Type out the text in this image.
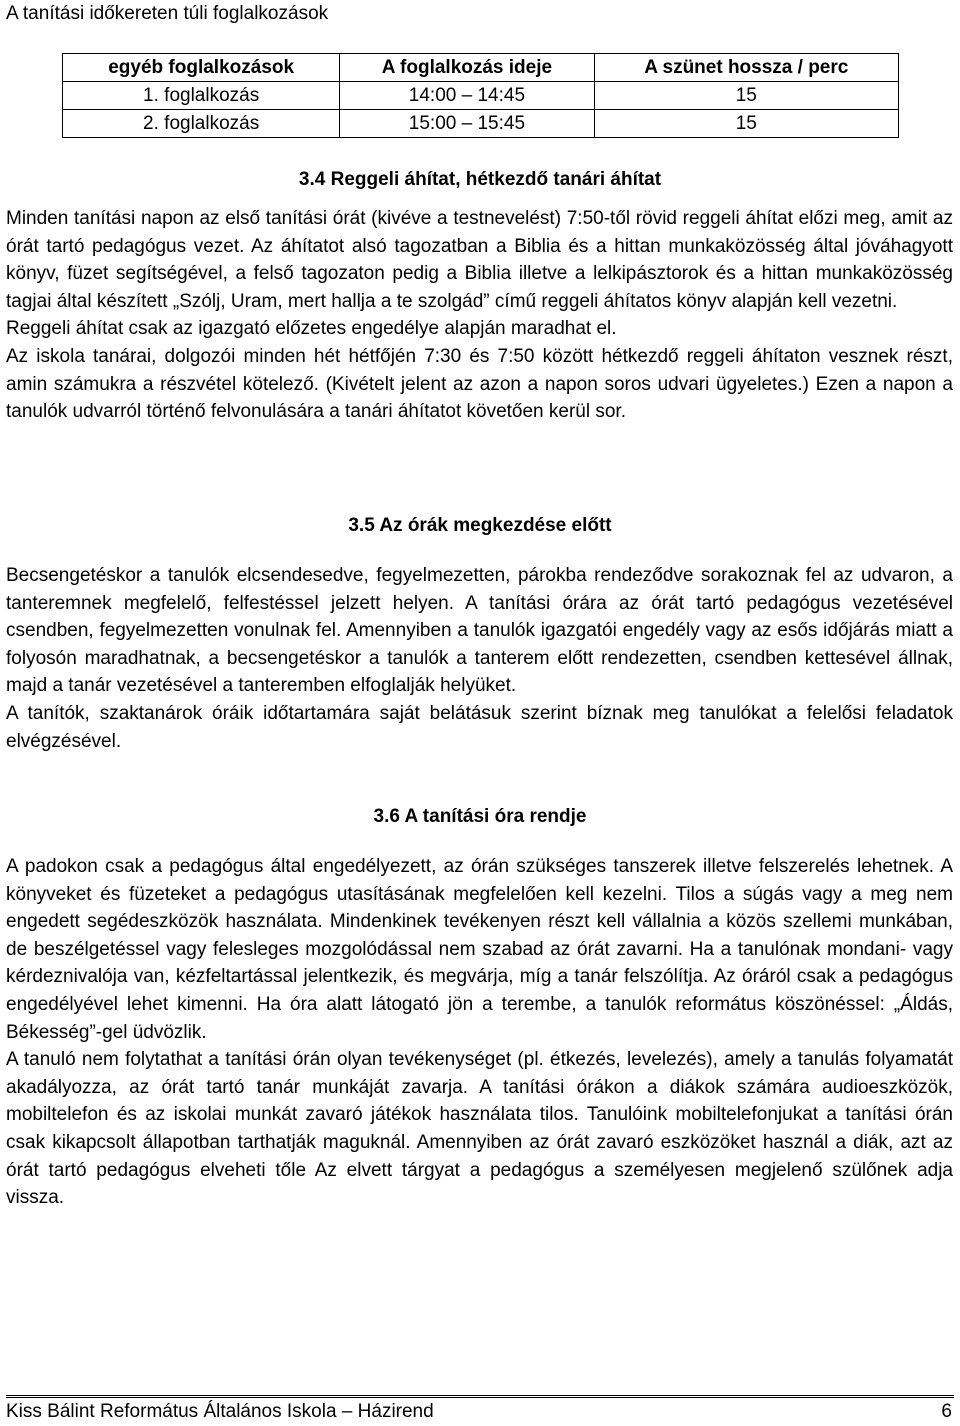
A tanítási időkereten túli foglalkozások
egyéb foglalkozások	A foglalkozás ideje	A szünet hossza / perc
1. foglalkozás	14:00 – 14:45	15
2. foglalkozás	15:00 – 15:45	15
3.4 Reggeli áhítat, hétkezdő tanári áhítat

Minden tanítási napon az első tanítási órát (kivéve a testnevelést) 7:50-től rövid reggeli áhítat előzi meg, amit az órát tartó pedagógus vezet. Az áhítatot alsó tagozatban a Biblia és a hittan munkaközösség által jóváhagyott könyv, füzet segítségével, a felső tagozaton pedig a Biblia illetve a lelkipásztorok és a hittan munkaközösség tagjai által készített „Szólj, Uram, mert hallja a te szolgád” című reggeli áhítatos könyv alapján kell vezetni.

Reggeli áhítat csak az igazgató előzetes engedélye alapján maradhat el.

Az iskola tanárai, dolgozói minden hét hétfőjén 7:30 és 7:50 között hétkezdő reggeli áhítaton vesznek részt, amin számukra a részvétel kötelező. (Kivételt jelent az azon a napon soros udvari ügyeletes.) Ezen a napon a tanulók udvarról történő felvonulására a tanári áhítatot követően kerül sor.

3.5 Az órák megkezdése előtt

Becsengetéskor a tanulók elcsendesedve, fegyelmezetten, párokba rendeződve sorakoznak fel az udvaron, a tanteremnek megfelelő, felfestéssel jelzett helyen. A tanítási órára az órát tartó pedagógus vezetésével csendben, fegyelmezetten vonulnak fel. Amennyiben a tanulók igazgatói engedély vagy az esős időjárás miatt a folyosón maradhatnak, a becsengetéskor a tanulók a tanterem előtt rendezetten, csendben kettesével állnak, majd a tanár vezetésével a tanteremben elfoglalják helyüket.

A tanítók, szaktanárok óráik időtartamára saját belátásuk szerint bíznak meg tanulókat a felelősi feladatok elvégzésével.

3.6 A tanítási óra rendje

A padokon csak a pedagógus által engedélyezett, az órán szükséges tanszerek illetve felszerelés lehetnek. A könyveket és füzeteket a pedagógus utasításának megfelelően kell kezelni. Tilos a súgás vagy a meg nem engedett segédeszközök használata. Mindenkinek tevékenyen részt kell vállalnia a közös szellemi munkában, de beszélgetéssel vagy felesleges mozgolódással nem szabad az órát zavarni. Ha a tanulónak mondani- vagy kérdeznivalója van, kézfeltartással jelentkezik, és megvárja, míg a tanár felszólítja. Az óráról csak a pedagógus engedélyével lehet kimenni. Ha óra alatt látogató jön a terembe, a tanulók református köszönéssel: „Áldás, Békesség”-gel üdvözlik.

A tanuló nem folytathat a tanítási órán olyan tevékenységet (pl. étkezés, levelezés), amely a tanulás folyamatát akadályozza, az órát tartó tanár munkáját zavarja. A tanítási órákon a diákok számára audioeszközök, mobiltelefon és az iskolai munkát zavaró játékok használata tilos. Tanulóink mobiltelefonjukat a tanítási órán csak kikapcsolt állapotban tarthatják maguknál. Amennyiben az órát zavaró eszközöket használ a diák, azt az órát tartó pedagógus elveheti tőle Az elvett tárgyat a pedagógus a személyesen megjelenő szülőnek adja vissza.

Kiss Bálint Református Általános Iskola – Házirend	6
